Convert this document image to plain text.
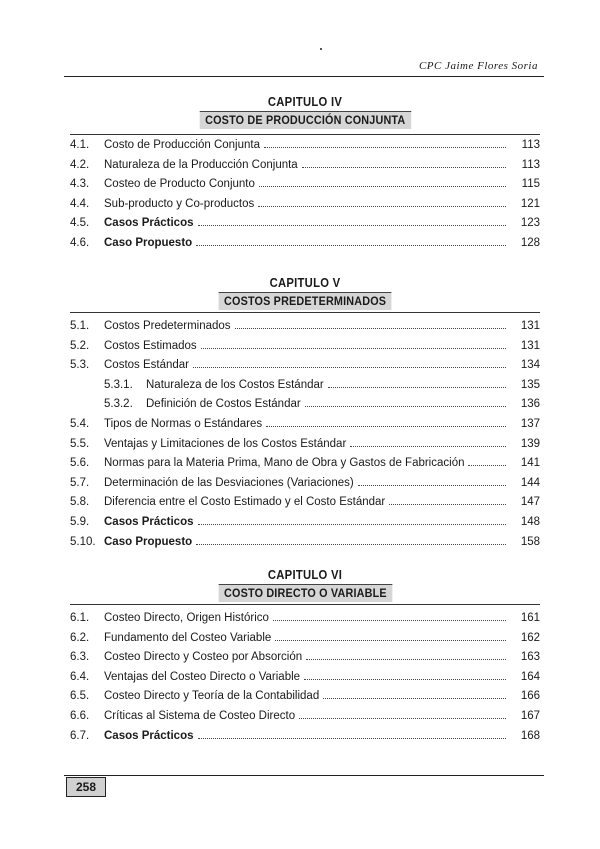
CPC Jaime Flores Soria
CAPITULO IV
COSTO DE PRODUCCIÓN CONJUNTA
4.1.	Costo de Producción Conjunta	113
4.2.	Naturaleza de la Producción Conjunta	113
4.3.	Costeo de Producto Conjunto	115
4.4.	Sub-producto y Co-productos	121
4.5.	Casos Prácticos	123
4.6.	Caso Propuesto	128
CAPITULO V
COSTOS PREDETERMINADOS
5.1.	Costos Predeterminados	131
5.2.	Costos Estimados	131
5.3.	Costos Estándar	134
5.3.1.	Naturaleza de los Costos Estándar	135
5.3.2.	Definición de Costos Estándar	136
5.4.	Tipos de Normas o Estándares	137
5.5.	Ventajas y Limitaciones de los Costos Estándar	139
5.6.	Normas para la Materia Prima, Mano de Obra y Gastos de Fabricación	141
5.7.	Determinación de las Desviaciones (Variaciones)	144
5.8.	Diferencia entre el Costo Estimado y el Costo Estándar	147
5.9.	Casos Prácticos	148
5.10. Caso Propuesto	158
CAPITULO VI
COSTO DIRECTO O VARIABLE
6.1.	Costeo Directo, Origen Histórico	161
6.2.	Fundamento del Costeo Variable	162
6.3.	Costeo Directo y Costeo por Absorción	163
6.4.	Ventajas del Costeo Directo o Variable	164
6.5.	Costeo Directo y Teoría de la Contabilidad	166
6.6.	Críticas al Sistema de Costeo Directo	167
6.7.	Casos Prácticos	168
258
